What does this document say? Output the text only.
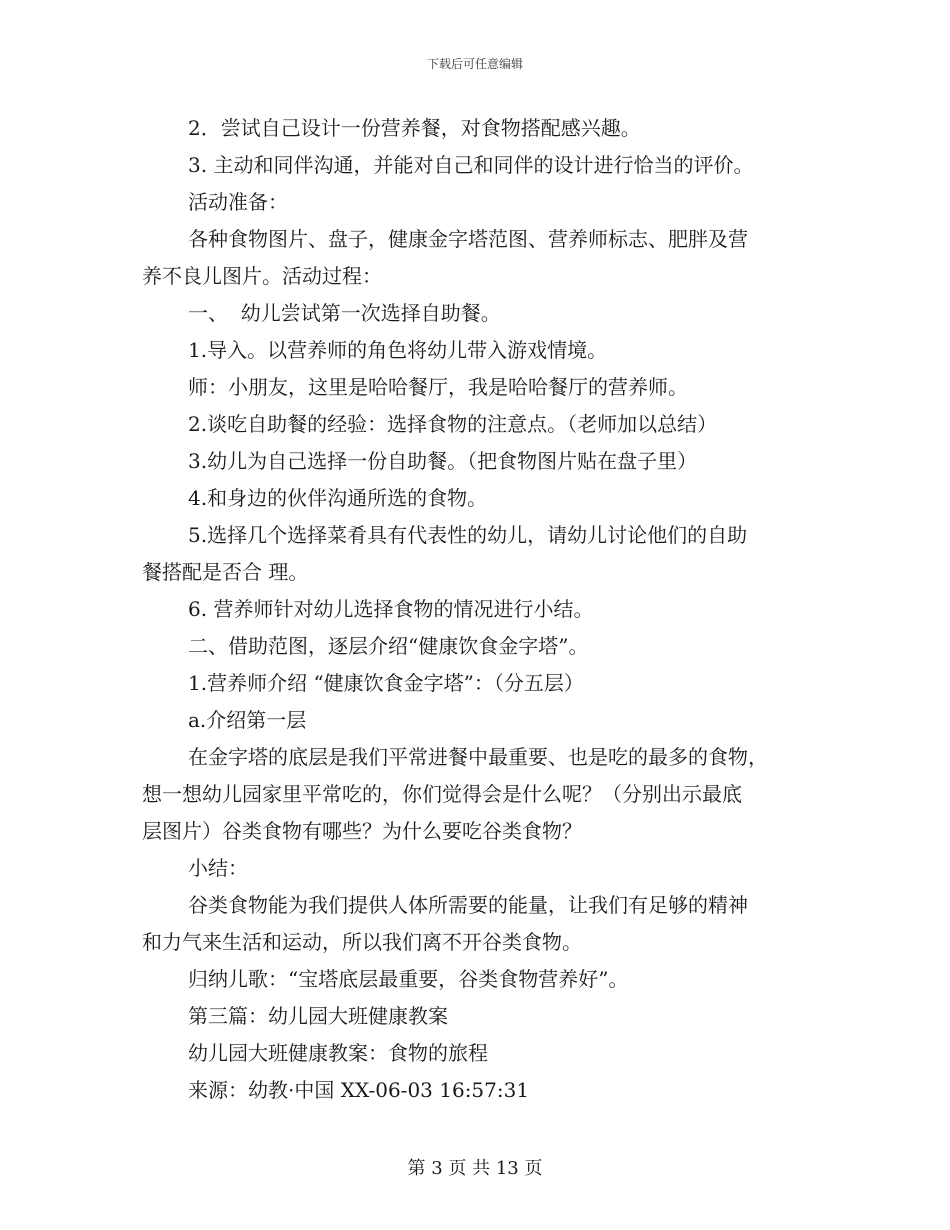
下载后可任意编辑
2．尝试自己设计一份营养餐，对食物搭配感兴趣。
3. 主动和同伴沟通，并能对自己和同伴的设计进行恰当的评价。
活动准备：
各种食物图片、盘子，健康金字塔范图、营养师标志、肥胖及营
养不良儿图片。活动过程：
一、  幼儿尝试第一次选择自助餐。
1.导入。以营养师的角色将幼儿带入游戏情境。
师：小朋友，这里是哈哈餐厅，我是哈哈餐厅的营养师。
2.谈吃自助餐的经验：选择食物的注意点。（老师加以总结）
3.幼儿为自己选择一份自助餐。（把食物图片贴在盘子里）
4.和身边的伙伴沟通所选的食物。
5.选择几个选择菜肴具有代表性的幼儿，请幼儿讨论他们的自助
餐搭配是否合 理。
6. 营养师针对幼儿选择食物的情况进行小结。
二、借助范图，逐层介绍“健康饮食金字塔”。
1.营养师介绍 “健康饮食金字塔”：（分五层）
a.介绍第一层
在金字塔的底层是我们平常进餐中最重要、也是吃的最多的食物，
想一想幼儿园家里平常吃的，你们觉得会是什么呢？（分别出示最底
层图片）谷类食物有哪些？为什么要吃谷类食物？
小结：
谷类食物能为我们提供人体所需要的能量，让我们有足够的精神
和力气来生活和运动，所以我们离不开谷类食物。
归纳儿歌：“宝塔底层最重要，谷类食物营养好”。
第三篇：幼儿园大班健康教案
幼儿园大班健康教案：食物的旅程
来源：幼教·中国 XX-06-03 16:57:31
第 3 页 共 13 页
